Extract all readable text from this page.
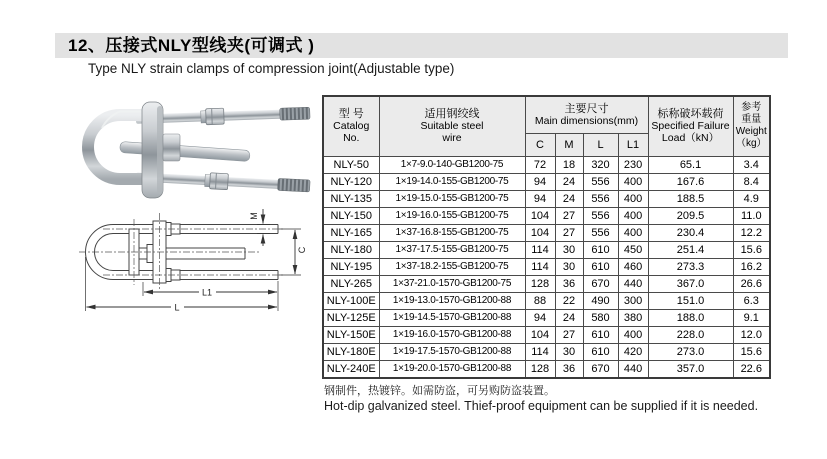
12、压接式NLY型线夹(可调式 )
Type NLY strain clamps of compression joint(Adjustable type)
M
C
L1
L
型 号
Catalog
No.

适用钢绞线
Suitable steel
wire

主要尺寸
Main dimensions(mm)

标称破坏载荷
Specified Failure
Load（kN）

参考
重量
Weight
（kg）

		C	M	L	L1		
NLY-50	1×7-9.0-140-GB1200-75	72	18	320	230	65.1	3.4
NLY-120	1×19-14.0-155-GB1200-75	94	24	556	400	167.6	8.4
NLY-135	1×19-15.0-155-GB1200-75	94	24	556	400	188.5	4.9
NLY-150	1×19-16.0-155-GB1200-75	104	27	556	400	209.5	11.0
NLY-165	1×37-16.8-155-GB1200-75	104	27	556	400	230.4	12.2
NLY-180	1×37-17.5-155-GB1200-75	114	30	610	450	251.4	15.6
NLY-195	1×37-18.2-155-GB1200-75	114	30	610	460	273.3	16.2
NLY-265	1×37-21.0-1570-GB1200-75	128	36	670	440	367.0	26.6
NLY-100E	1×19-13.0-1570-GB1200-88	88	22	490	300	151.0	6.3
NLY-125E	1×19-14.5-1570-GB1200-88	94	24	580	380	188.0	9.1
NLY-150E	1×19-16.0-1570-GB1200-88	104	27	610	400	228.0	12.0
NLY-180E	1×19-17.5-1570-GB1200-88	114	30	610	420	273.0	15.6
NLY-240E	1×19-20.0-1570-GB1200-88	128	36	670	440	357.0	22.6
钢制件，热镀锌。如需防盗，可另购防盗装置。
Hot-dip galvanized steel. Thief-proof equipment can be supplied if it is needed.
